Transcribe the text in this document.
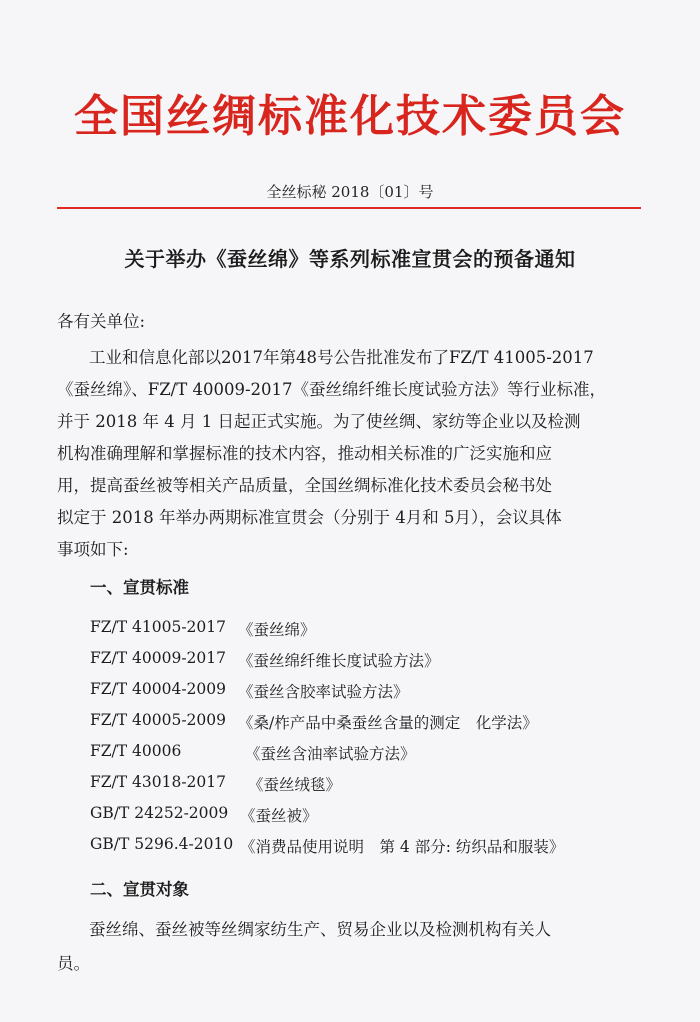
全国丝绸标准化技术委员会
全丝标秘 2018〔01〕号
关于举办《蚕丝绵》等系列标准宣贯会的预备通知
各有关单位:
工业和信息化部以2017年第48号公告批准发布了FZ/T 41005-2017
《蚕丝绵》、FZ/T 40009-2017《蚕丝绵纤维长度试验方法》等行业标准，
并于 2018 年 4 月 1 日起正式实施。为了使丝绸、家纺等企业以及检测
机构准确理解和掌握标准的技术内容，推动相关标准的广泛实施和应
用，提高蚕丝被等相关产品质量，全国丝绸标准化技术委员会秘书处
拟定于 2018 年举办两期标准宣贯会（分别于 4月和 5月），会议具体
事项如下:
一、宣贯标准
FZ/T 41005-2017 《蚕丝绵》
FZ/T 40009-2017 《蚕丝绵纤维长度试验方法》
FZ/T 40004-2009 《蚕丝含胶率试验方法》
FZ/T 40005-2009 《桑/柞产品中桑蚕丝含量的测定　化学法》
FZ/T 40006	《蚕丝含油率试验方法》
FZ/T 43018-2017 《蚕丝绒毯》
GB/T 24252-2009 《蚕丝被》
GB/T 5296.4-2010 《消费品使用说明　第 4 部分: 纺织品和服装》
二、宣贯对象
蚕丝绵、蚕丝被等丝绸家纺生产、贸易企业以及检测机构有关人
员。
